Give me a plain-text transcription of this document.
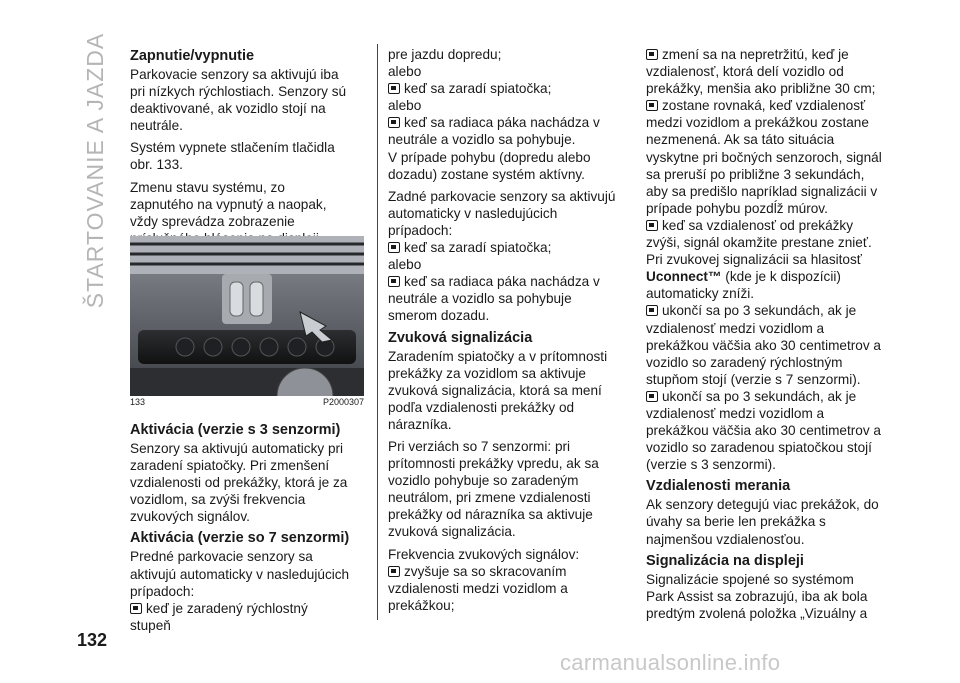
ŠTARTOVANIE A JAZDA Zapnutie/vypnutie

Parkovacie senzory sa aktivujú iba pri nízkych rýchlostiach. Senzory sú deaktivované, ak vozidlo stojí na neutrále.

Systém vypnete stlačením tlačidla obr. 133.

Zmenu stavu systému, zo zapnutého na vypnutý a naopak, vždy sprevádza zobrazenie

133	P2000307
Aktivácia (verzie s 3 senzormi)

Senzory sa aktivujú automaticky pri zaradení spiatočky. Pri zmenšení vzdialenosti od prekážky, ktorá je za vozidlom, sa zvýši frekvencia zvukových signálov.

Aktivácia (verzie so 7 senzormi)

Predné parkovacie senzory sa aktivujú automaticky v nasledujúcich prípadoch:

keď je zaradený rýchlostný stupeň

pre jazdu dopredu;

alebo

keď sa zaradí spiatočka;

alebo

keď sa radiaca páka nachádza v neutrále a vozidlo sa pohybuje.

V prípade pohybu (dopredu alebo dozadu) zostane systém aktívny.

Zadné parkovacie senzory sa aktivujú automaticky v nasledujúcich prípadoch:

keď sa zaradí spiatočka;

alebo

keď sa radiaca páka nachádza v neutrále a vozidlo sa pohybuje smerom dozadu.

Zvuková signalizácia

Zaradením spiatočky a v prítomnosti prekážky za vozidlom sa aktivuje zvuková signalizácia, ktorá sa mení podľa vzdialenosti prekážky od nárazníka.

Pri verziách so 7 senzormi: pri prítomnosti prekážky vpredu, ak sa vozidlo pohybuje so zaradeným neutrálom, pri zmene vzdialenosti prekážky od nárazníka sa aktivuje zvuková signalizácia.

Frekvencia zvukových signálov:

zvyšuje sa so skracovaním vzdialenosti medzi vozidlom a prekážkou;

zmení sa na nepretržitú, keď je vzdialenosť, ktorá delí vozidlo od prekážky, menšia ako približne 30 cm;

zostane rovnaká, keď vzdialenosť medzi vozidlom a prekážkou zostane nezmenená. Ak sa táto situácia vyskytne pri bočných senzoroch, signál sa preruší po približne 3 sekundách, aby sa predišlo napríklad signalizácii v prípade pohybu pozdĺž múrov.

keď sa vzdialenosť od prekážky zvýši, signál okamžite prestane znieť.

Pri zvukovej signalizácii sa hlasitosť Uconnect™ (kde je k dispozícii) automaticky zníži.

ukončí sa po 3 sekundách, ak je vzdialenosť medzi vozidlom a prekážkou väčšia ako 30 centimetrov a vozidlo so zaradený rýchlostným stupňom stojí (verzie s 7 senzormi).

ukončí sa po 3 sekundách, ak je vzdialenosť medzi vozidlom a prekážkou väčšia ako 30 centimetrov a vozidlo so zaradenou spiatočkou stojí (verzie s 3 senzormi).

Vzdialenosti merania

Ak senzory detegujú viac prekážok, do úvahy sa berie len prekážka s najmenšou vzdialenosťou.

Signalizácia na displeji

Signalizácie spojené so systémom Park Assist sa zobrazujú, iba ak bola predtým zvolená položka „Vizuálny a

132
carmanualsonline.info
